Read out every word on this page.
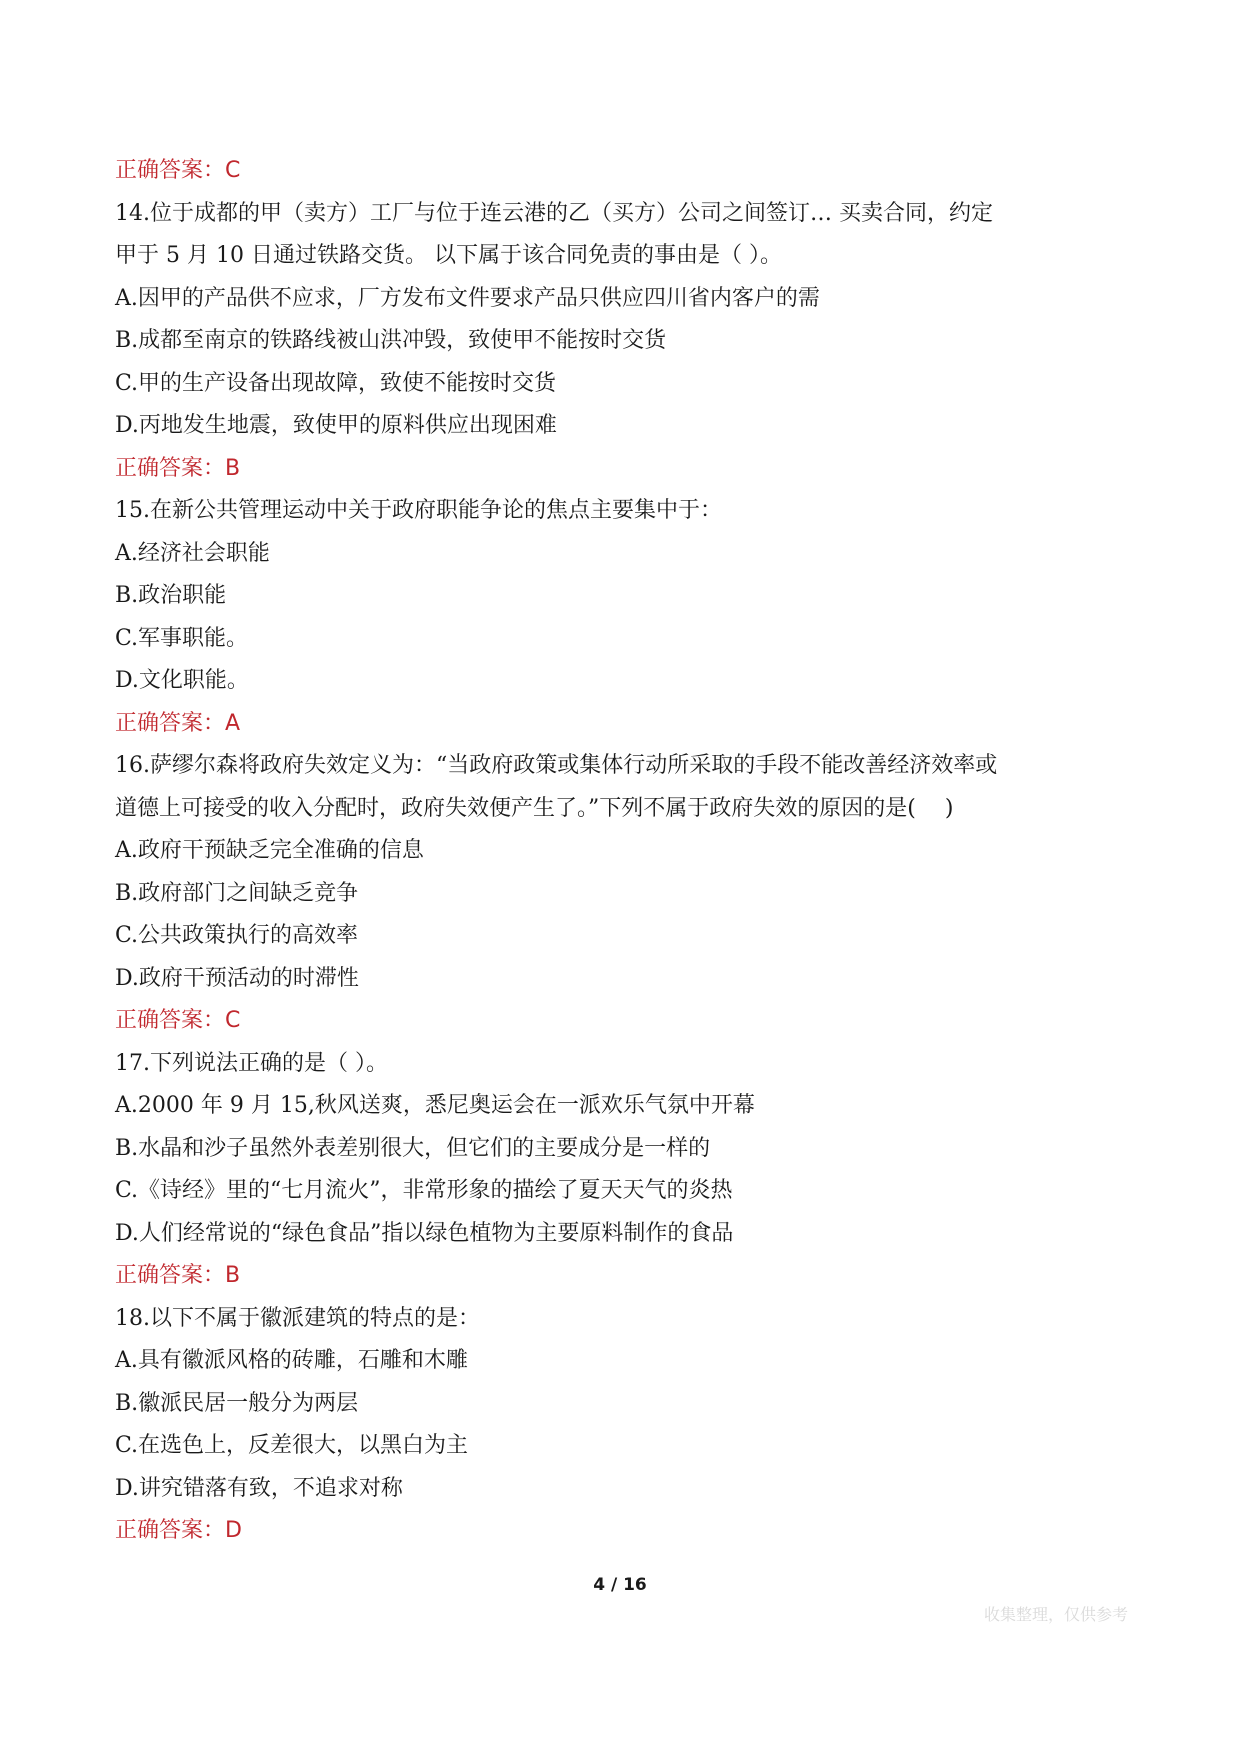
正确答案：C

14.位于成都的甲（卖方）工厂与位于连云港的乙（买方）公司之间签订… 买卖合同，约定

甲于 5 月 10 日通过铁路交货。 以下属于该合同免责的事由是（ ）。

A.因甲的产品供不应求，厂方发布文件要求产品只供应四川省内客户的需

B.成都至南京的铁路线被山洪冲毁，致使甲不能按时交货

C.甲的生产设备出现故障，致使不能按时交货

D.丙地发生地震，致使甲的原料供应出现困难

正确答案：B

15.在新公共管理运动中关于政府职能争论的焦点主要集中于：

A.经济社会职能

B.政治职能

C.军事职能。

D.文化职能。

正确答案：A

16.萨缪尔森将政府失效定义为：“当政府政策或集体行动所采取的手段不能改善经济效率或

道德上可接受的收入分配时，政府失效便产生了。”下列不属于政府失效的原因的是(　 )

A.政府干预缺乏完全准确的信息

B.政府部门之间缺乏竞争

C.公共政策执行的高效率

D.政府干预活动的时滞性

正确答案：C

17.下列说法正确的是（ ）。

A.2000 年 9 月 15,秋风送爽，悉尼奥运会在一派欢乐气氛中开幕

B.水晶和沙子虽然外表差别很大，但它们的主要成分是一样的

C.《诗经》里的“七月流火”，非常形象的描绘了夏天天气的炎热

D.人们经常说的“绿色食品”指以绿色植物为主要原料制作的食品

正确答案：B

18.以下不属于徽派建筑的特点的是：

A.具有徽派风格的砖雕，石雕和木雕

B.徽派民居一般分为两层

C.在选色上，反差很大，以黑白为主

D.讲究错落有致，不追求对称

正确答案：D

4 / 16
收集整理，仅供参考
